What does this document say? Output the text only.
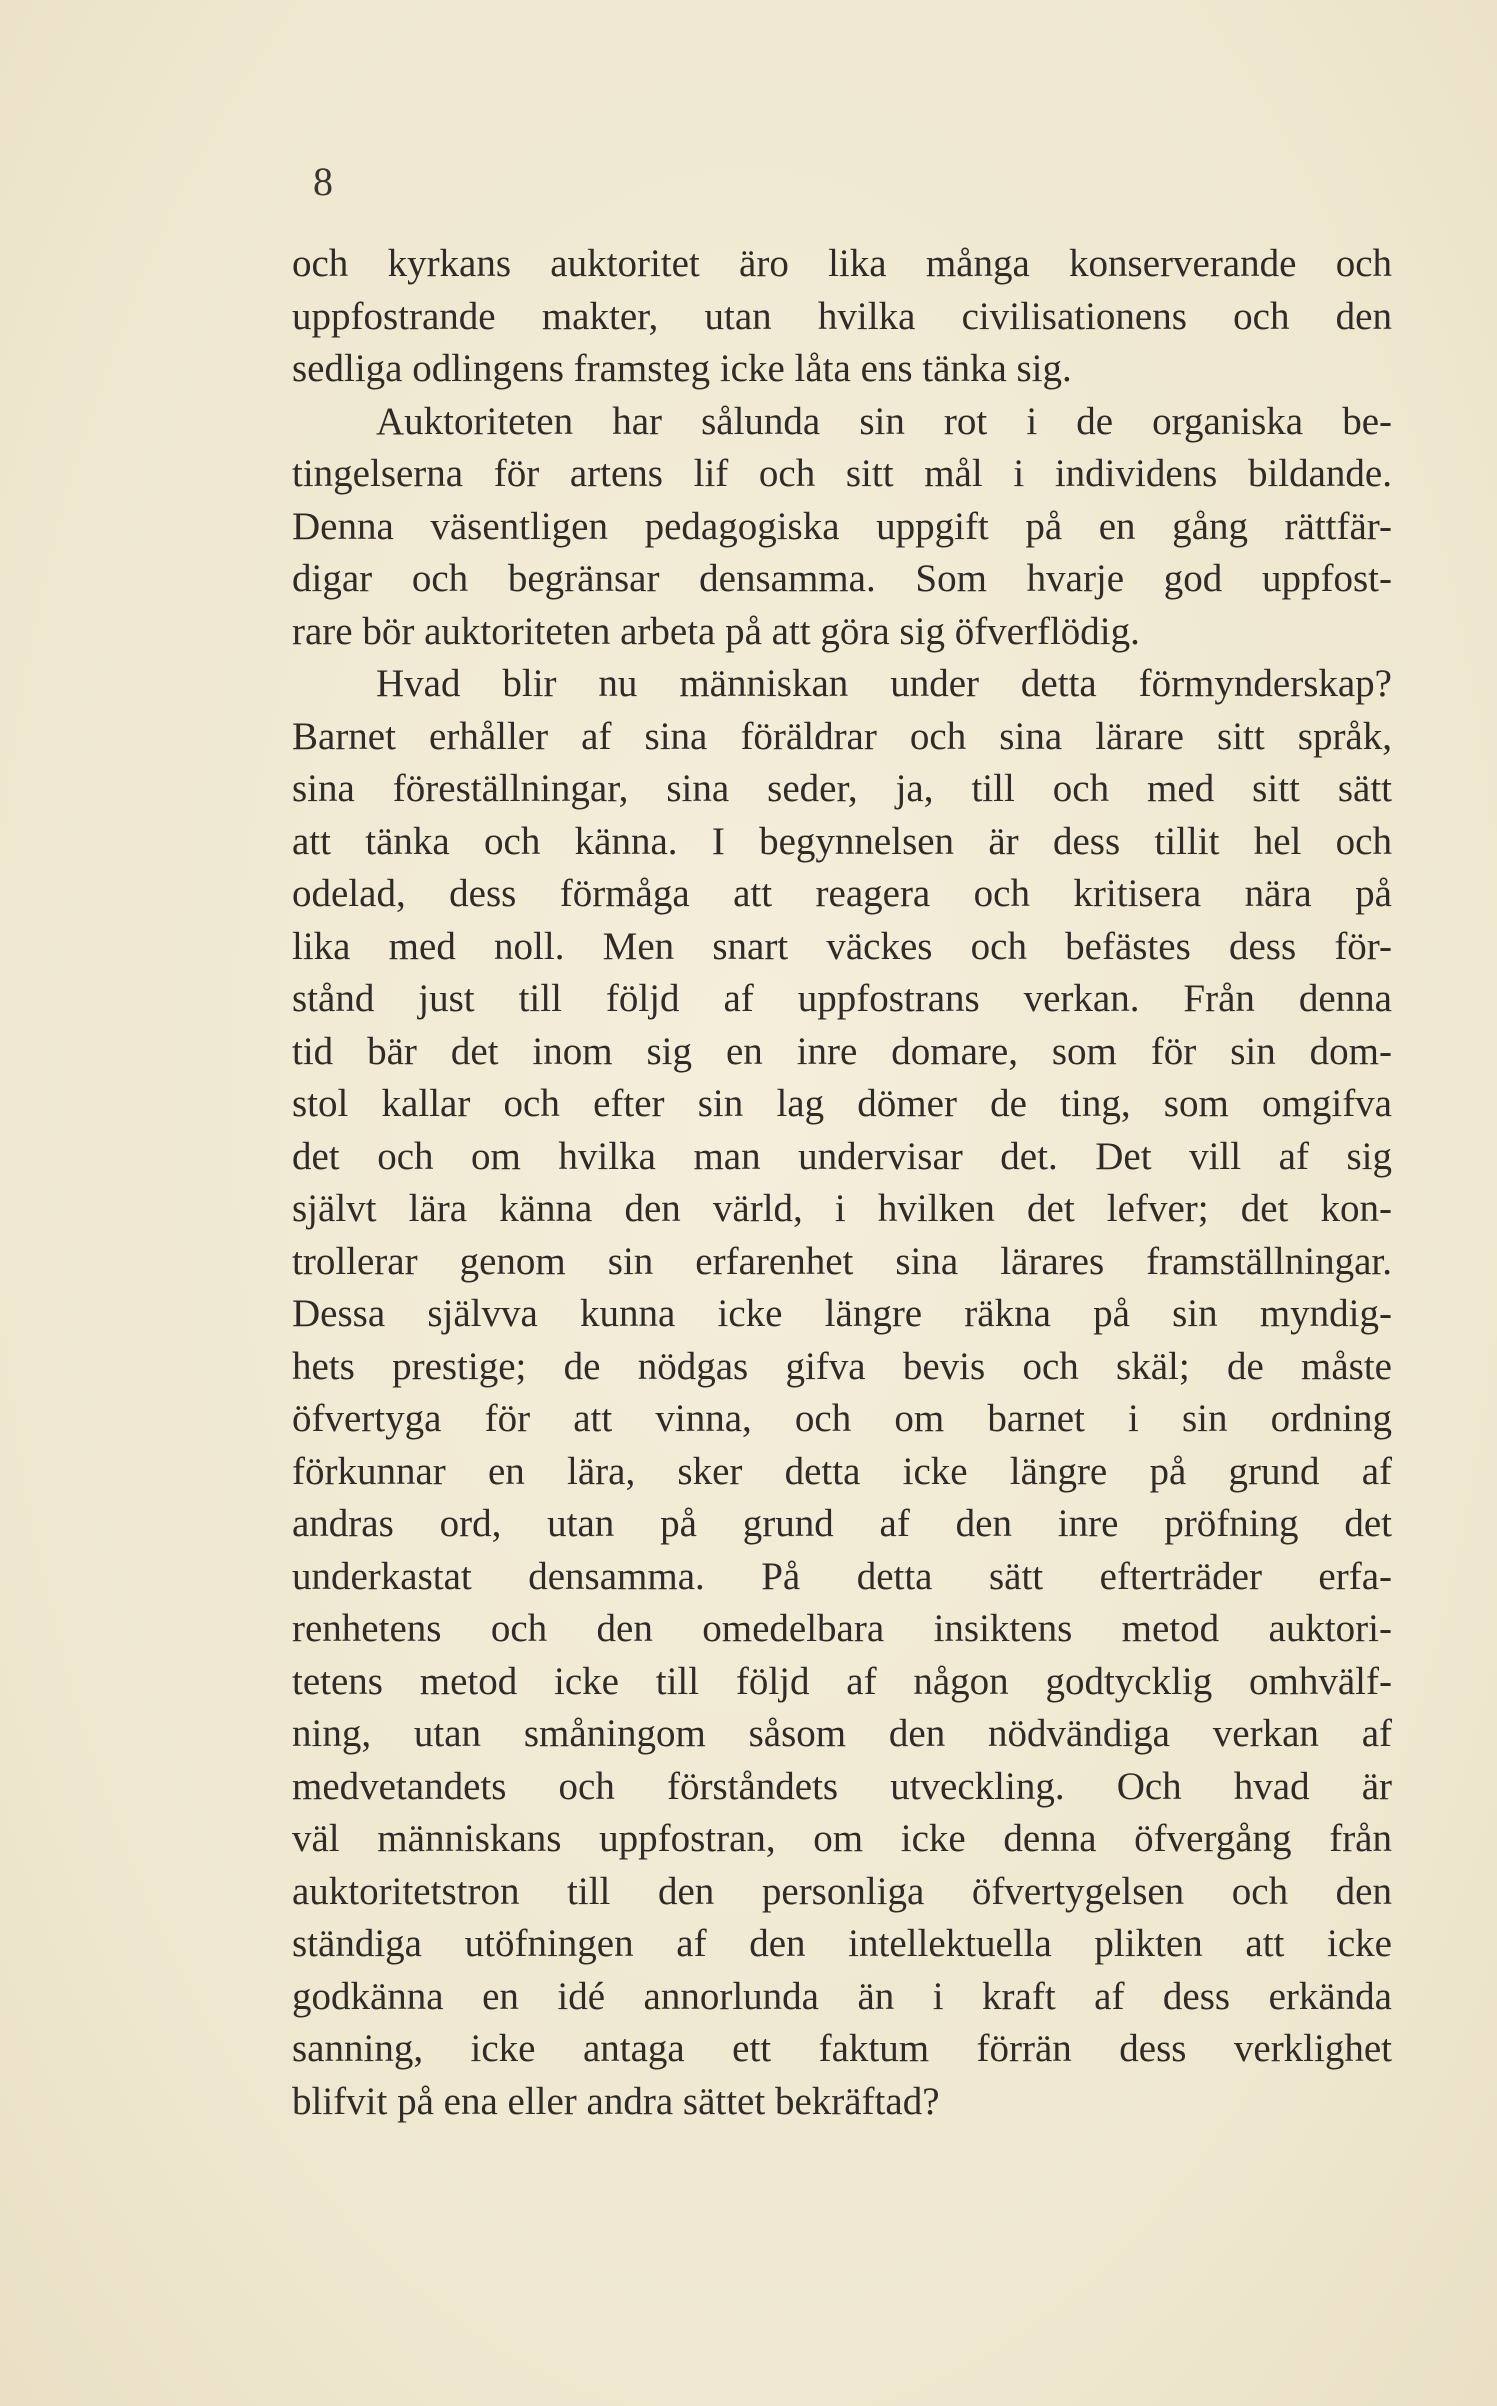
8
och kyrkans auktoritet äro lika många konserverande och
uppfostrande makter, utan hvilka civilisationens och den
sedliga odlingens framsteg icke låta ens tänka sig.
Auktoriteten har sålunda sin rot i de organiska be-
tingelserna för artens lif och sitt mål i individens bildande.
Denna väsentligen pedagogiska uppgift på en gång rättfär-
digar och begränsar densamma. Som hvarje god uppfost-
rare bör auktoriteten arbeta på att göra sig öfverflödig.
Hvad blir nu människan under detta förmynderskap?
Barnet erhåller af sina föräldrar och sina lärare sitt språk,
sina föreställningar, sina seder, ja, till och med sitt sätt
att tänka och känna. I begynnelsen är dess tillit hel och
odelad, dess förmåga att reagera och kritisera nära på
lika med noll. Men snart väckes och befästes dess för-
stånd just till följd af uppfostrans verkan. Från denna
tid bär det inom sig en inre domare, som för sin dom-
stol kallar och efter sin lag dömer de ting, som omgifva
det och om hvilka man undervisar det. Det vill af sig
självt lära känna den värld, i hvilken det lefver; det kon-
trollerar genom sin erfarenhet sina lärares framställningar.
Dessa självva kunna icke längre räkna på sin myndig-
hets prestige; de nödgas gifva bevis och skäl; de måste
öfvertyga för att vinna, och om barnet i sin ordning
förkunnar en lära, sker detta icke längre på grund af
andras ord, utan på grund af den inre pröfning det
underkastat densamma. På detta sätt efterträder erfa-
renhetens och den omedelbara insiktens metod auktori-
tetens metod icke till följd af någon godtycklig omhvälf-
ning, utan småningom såsom den nödvändiga verkan af
medvetandets och förståndets utveckling. Och hvad är
väl människans uppfostran, om icke denna öfvergång från
auktoritetstron till den personliga öfvertygelsen och den
ständiga utöfningen af den intellektuella plikten att icke
godkänna en idé annorlunda än i kraft af dess erkända
sanning, icke antaga ett faktum förrän dess verklighet
blifvit på ena eller andra sättet bekräftad?
